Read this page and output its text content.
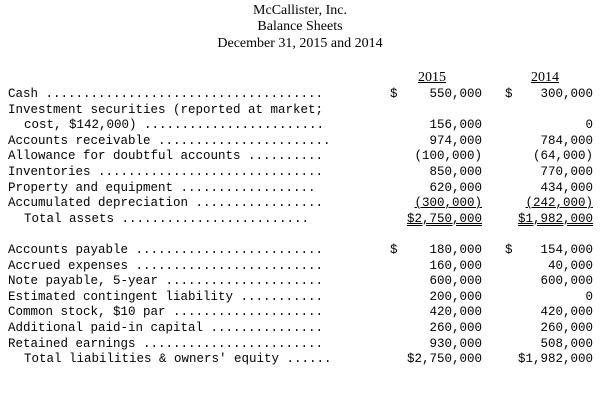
McCallister, Inc.
Balance Sheets
December 31, 2015 and 2014
2015	2014
Cash .....................................	$	550,000 $ 300,000
Investment securities (reported at market;
cost, $142,000) ........................	156,000	0
Accounts receivable .......................	974,000	784,000
Allowance for doubtful accounts ..........	(100,000)	(64,000)
Inventories ..............................	850,000	770,000
Property and equipment ..................	620,000	434,000
Accumulated depreciation .................	(300,000)	(242,000)
Total assets .........................	$2,750,000	$1,982,000
Accounts payable .........................	$	180,000 $ 154,000
Accrued expenses .........................	160,000	40,000
Note payable, 5-year .....................	600,000	600,000
Estimated contingent liability ...........	200,000	0
Common stock, $10 par ....................	420,000	420,000
Additional paid-in capital ...............	260,000	260,000
Retained earnings ........................	930,000	508,000
Total liabilities & owners' equity ......	$2,750,000	$1,982,000
